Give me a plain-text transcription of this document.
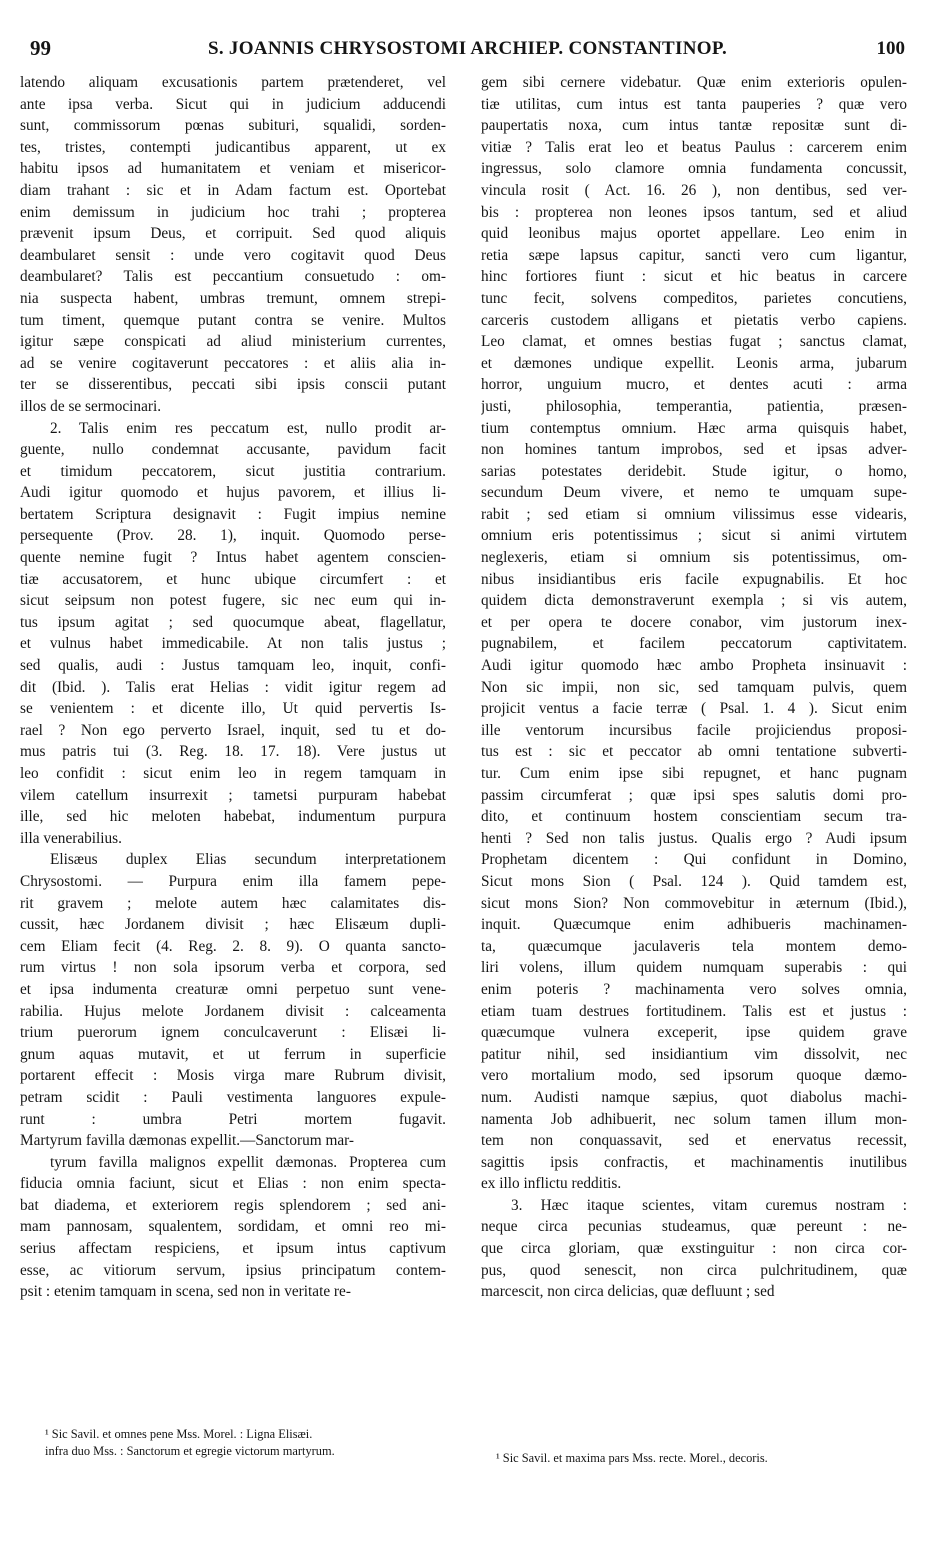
99	S. JOANNIS CHRYSOSTOMI ARCHIEP. CONSTANTINOP.	100
latendo aliquam excusationis partem prætenderet, vel
ante ipsa verba. Sicut qui in judicium adducendi
sunt, commissorum pœnas subituri, squalidi, sorden-
tes, tristes, contempti judicantibus apparent, ut ex
habitu ipsos ad humanitatem et veniam et misericor-
diam trahant : sic et in Adam factum est. Oportebat
enim demissum in judicium hoc trahi ; propterea
prævenit ipsum Deus, et corripuit. Sed quod aliquis
deambularet sensit : unde vero cogitavit quod Deus
deambularet? Talis est peccantium consuetudo : om-
nia suspecta habent, umbras tremunt, omnem strepi-
tum timent, quemque putant contra se venire. Multos
igitur sæpe conspicati ad aliud ministerium currentes,
ad se venire cogitaverunt peccatores : et aliis alia in-
ter se disserentibus, peccati sibi ipsis conscii putant
illos de se sermocinari.
2. Talis enim res peccatum est, nullo prodit ar-
guente, nullo condemnat accusante, pavidum facit
et timidum peccatorem, sicut justitia contrarium.
Audi igitur quomodo et hujus pavorem, et illius li-
bertatem Scriptura designavit : Fugit impius nemine
persequente (Prov. 28. 1), inquit. Quomodo perse-
quente nemine fugit ? Intus habet agentem conscien-
tiæ accusatorem, et hunc ubique circumfert : et
sicut seipsum non potest fugere, sic nec eum qui in-
tus ipsum agitat ; sed quocumque abeat, flagellatur,
et vulnus habet immedicabile. At non talis justus ;
sed qualis, audi : Justus tamquam leo, inquit, confi-
dit (Ibid. ). Talis erat Helias : vidit igitur regem ad
se venientem : et dicente illo, Ut quid pervertis Is-
rael ? Non ego perverto Israel, inquit, sed tu et do-
mus patris tui (3. Reg. 18. 17. 18). Vere justus ut
leo confidit : sicut enim leo in regem tamquam in
vilem catellum insurrexit ; tametsi purpuram habebat
ille, sed hic meloten habebat, indumentum purpura
illa venerabilius.
Elisæus duplex Elias secundum interpretationem
Chrysostomi. — Purpura enim illa famem pepe-
rit gravem ; melote autem hæc calamitates dis-
cussit, hæc Jordanem divisit ; hæc Elisæum dupli-
cem Eliam fecit (4. Reg. 2. 8. 9). O quanta sancto-
rum virtus ! non sola ipsorum verba et corpora, sed
et ipsa indumenta creaturæ omni perpetuo sunt vene-
rabilia. Hujus melote Jordanem divisit : calceamenta
trium puerorum ignem conculcaverunt : Elisæi li-
gnum aquas mutavit, et ut ferrum in superficie
portarent effecit : Mosis virga mare Rubrum divisit,
petram scidit : Pauli vestimenta languores expule-
runt : umbra Petri mortem fugavit.
Martyrum favilla dæmonas expellit.—Sanctorum mar-
tyrum favilla malignos expellit dæmonas. Propterea cum
fiducia omnia faciunt, sicut et Elias : non enim specta-
bat diadema, et exteriorem regis splendorem ; sed ani-
mam pannosam, squalentem, sordidam, et omni reo mi-
serius affectam respiciens, et ipsum intus captivum
esse, ac vitiorum servum, ipsius principatum contem-
psit : etenim tamquam in scena, sed non in veritate re-
gem sibi cernere videbatur. Quæ enim exterioris opulen-
tiæ utilitas, cum intus est tanta pauperies ? quæ vero
paupertatis noxa, cum intus tantæ repositæ sunt di-
vitiæ ? Talis erat leo et beatus Paulus : carcerem enim
ingressus, solo clamore omnia fundamenta concussit,
vincula rosit ( Act. 16. 26 ), non dentibus, sed ver-
bis : propterea non leones ipsos tantum, sed et aliud
quid leonibus majus oportet appellare. Leo enim in
retia sæpe lapsus capitur, sancti vero cum ligantur,
hinc fortiores fiunt : sicut et hic beatus in carcere
tunc fecit, solvens compeditos, parietes concutiens,
carceris custodem alligans et pietatis verbo capiens.
Leo clamat, et omnes bestias fugat ; sanctus clamat,
et dæmones undique expellit. Leonis arma, jubarum
horror, unguium mucro, et dentes acuti : arma
justi, philosophia, temperantia, patientia, præsen-
tium contemptus omnium. Hæc arma quisquis habet,
non homines tantum improbos, sed et ipsas adver-
sarias potestates deridebit. Stude igitur, o homo,
secundum Deum vivere, et nemo te umquam supe-
rabit ; sed etiam si omnium vilissimus esse videaris,
omnium eris potentissimus ; sicut si animi virtutem
neglexeris, etiam si omnium sis potentissimus, om-
nibus insidiantibus eris facile expugnabilis. Et hoc
quidem dicta demonstraverunt exempla ; si vis autem,
et per opera te docere conabor, vim justorum inex-
pugnabilem, et facilem peccatorum captivitatem.
Audi igitur quomodo hæc ambo Propheta insinuavit :
Non sic impii, non sic, sed tamquam pulvis, quem
projicit ventus a facie terræ ( Psal. 1. 4 ). Sicut enim
ille ventorum incursibus facile projiciendus proposi-
tus est : sic et peccator ab omni tentatione subverti-
tur. Cum enim ipse sibi repugnet, et hanc pugnam
passim circumferat ; quæ ipsi spes salutis domi pro-
dito, et continuum hostem conscientiam secum tra-
henti ? Sed non talis justus. Qualis ergo ? Audi ipsum
Prophetam dicentem : Qui confidunt in Domino,
Sicut mons Sion ( Psal. 124 ). Quid tamdem est,
sicut mons Sion? Non commovebitur in æternum (Ibid.),
inquit. Quæcumque enim adhibueris machinamen-
ta, quæcumque jaculaveris tela montem demo-
liri volens, illum quidem numquam superabis : qui
enim poteris ? machinamenta vero solves omnia,
etiam tuam destrues fortitudinem. Talis est et justus :
quæcumque vulnera exceperit, ipse quidem grave
patitur nihil, sed insidiantium vim dissolvit, nec
vero mortalium modo, sed ipsorum quoque dæmo-
num. Audisti namque sæpius, quot diabolus machi-
namenta Job adhibuerit, nec solum tamen illum mon-
tem non conquassavit, sed et enervatus recessit,
sagittis ipsis confractis, et machinamentis inutilibus
ex illo inflictu redditis.
3. Hæc itaque scientes, vitam curemus nostram :
neque circa pecunias studeamus, quæ pereunt : ne-
que circa gloriam, quæ exstinguitur : non circa cor-
pus, quod senescit, non circa pulchritudinem, quæ
marcescit, non circa delicias, quæ defluunt ; sed
¹ Sic Savil. et omnes pene Mss. Morel. : Ligna Elisæi.
infra duo Mss. : Sanctorum et egregie victorum martyrum.	¹ Sic Savil. et maxima pars Mss. recte. Morel., decoris.
